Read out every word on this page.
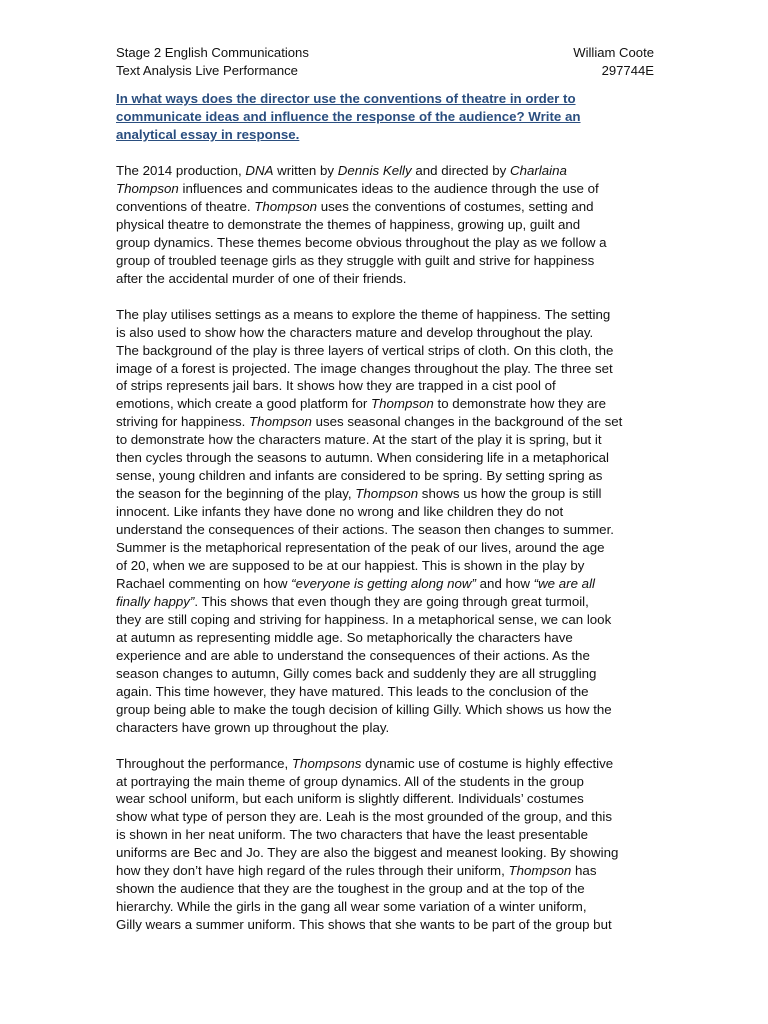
Stage 2 English Communications	William Coote
Text Analysis Live Performance	297744E
In what ways does the director use the conventions of theatre in order to
communicate ideas and influence the response of the audience? Write an
analytical essay in response.
The 2014 production, DNA written by Dennis Kelly and directed by Charlaina
Thompson influences and communicates ideas to the audience through the use of
conventions of theatre. Thompson uses the conventions of costumes, setting and
physical theatre to demonstrate the themes of happiness, growing up, guilt and
group dynamics. These themes become obvious throughout the play as we follow a
group of troubled teenage girls as they struggle with guilt and strive for happiness
after the accidental murder of one of their friends.
The play utilises settings as a means to explore the theme of happiness. The setting
is also used to show how the characters mature and develop throughout the play.
The background of the play is three layers of vertical strips of cloth. On this cloth, the
image of a forest is projected. The image changes throughout the play. The three set
of strips represents jail bars. It shows how they are trapped in a cist pool of
emotions, which create a good platform for Thompson to demonstrate how they are
striving for happiness. Thompson uses seasonal changes in the background of the set
to demonstrate how the characters mature. At the start of the play it is spring, but it
then cycles through the seasons to autumn. When considering life in a metaphorical
sense, young children and infants are considered to be spring. By setting spring as
the season for the beginning of the play, Thompson shows us how the group is still
innocent. Like infants they have done no wrong and like children they do not
understand the consequences of their actions. The season then changes to summer.
Summer is the metaphorical representation of the peak of our lives, around the age
of 20, when we are supposed to be at our happiest. This is shown in the play by
Rachael commenting on how “everyone is getting along now” and how “we are all
finally happy”. This shows that even though they are going through great turmoil,
they are still coping and striving for happiness. In a metaphorical sense, we can look
at autumn as representing middle age. So metaphorically the characters have
experience and are able to understand the consequences of their actions. As the
season changes to autumn, Gilly comes back and suddenly they are all struggling
again. This time however, they have matured. This leads to the conclusion of the
group being able to make the tough decision of killing Gilly. Which shows us how the
characters have grown up throughout the play.
Throughout the performance, Thompsons dynamic use of costume is highly effective
at portraying the main theme of group dynamics. All of the students in the group
wear school uniform, but each uniform is slightly different. Individuals’ costumes
show what type of person they are. Leah is the most grounded of the group, and this
is shown in her neat uniform. The two characters that have the least presentable
uniforms are Bec and Jo. They are also the biggest and meanest looking. By showing
how they don’t have high regard of the rules through their uniform, Thompson has
shown the audience that they are the toughest in the group and at the top of the
hierarchy. While the girls in the gang all wear some variation of a winter uniform,
Gilly wears a summer uniform. This shows that she wants to be part of the group but
